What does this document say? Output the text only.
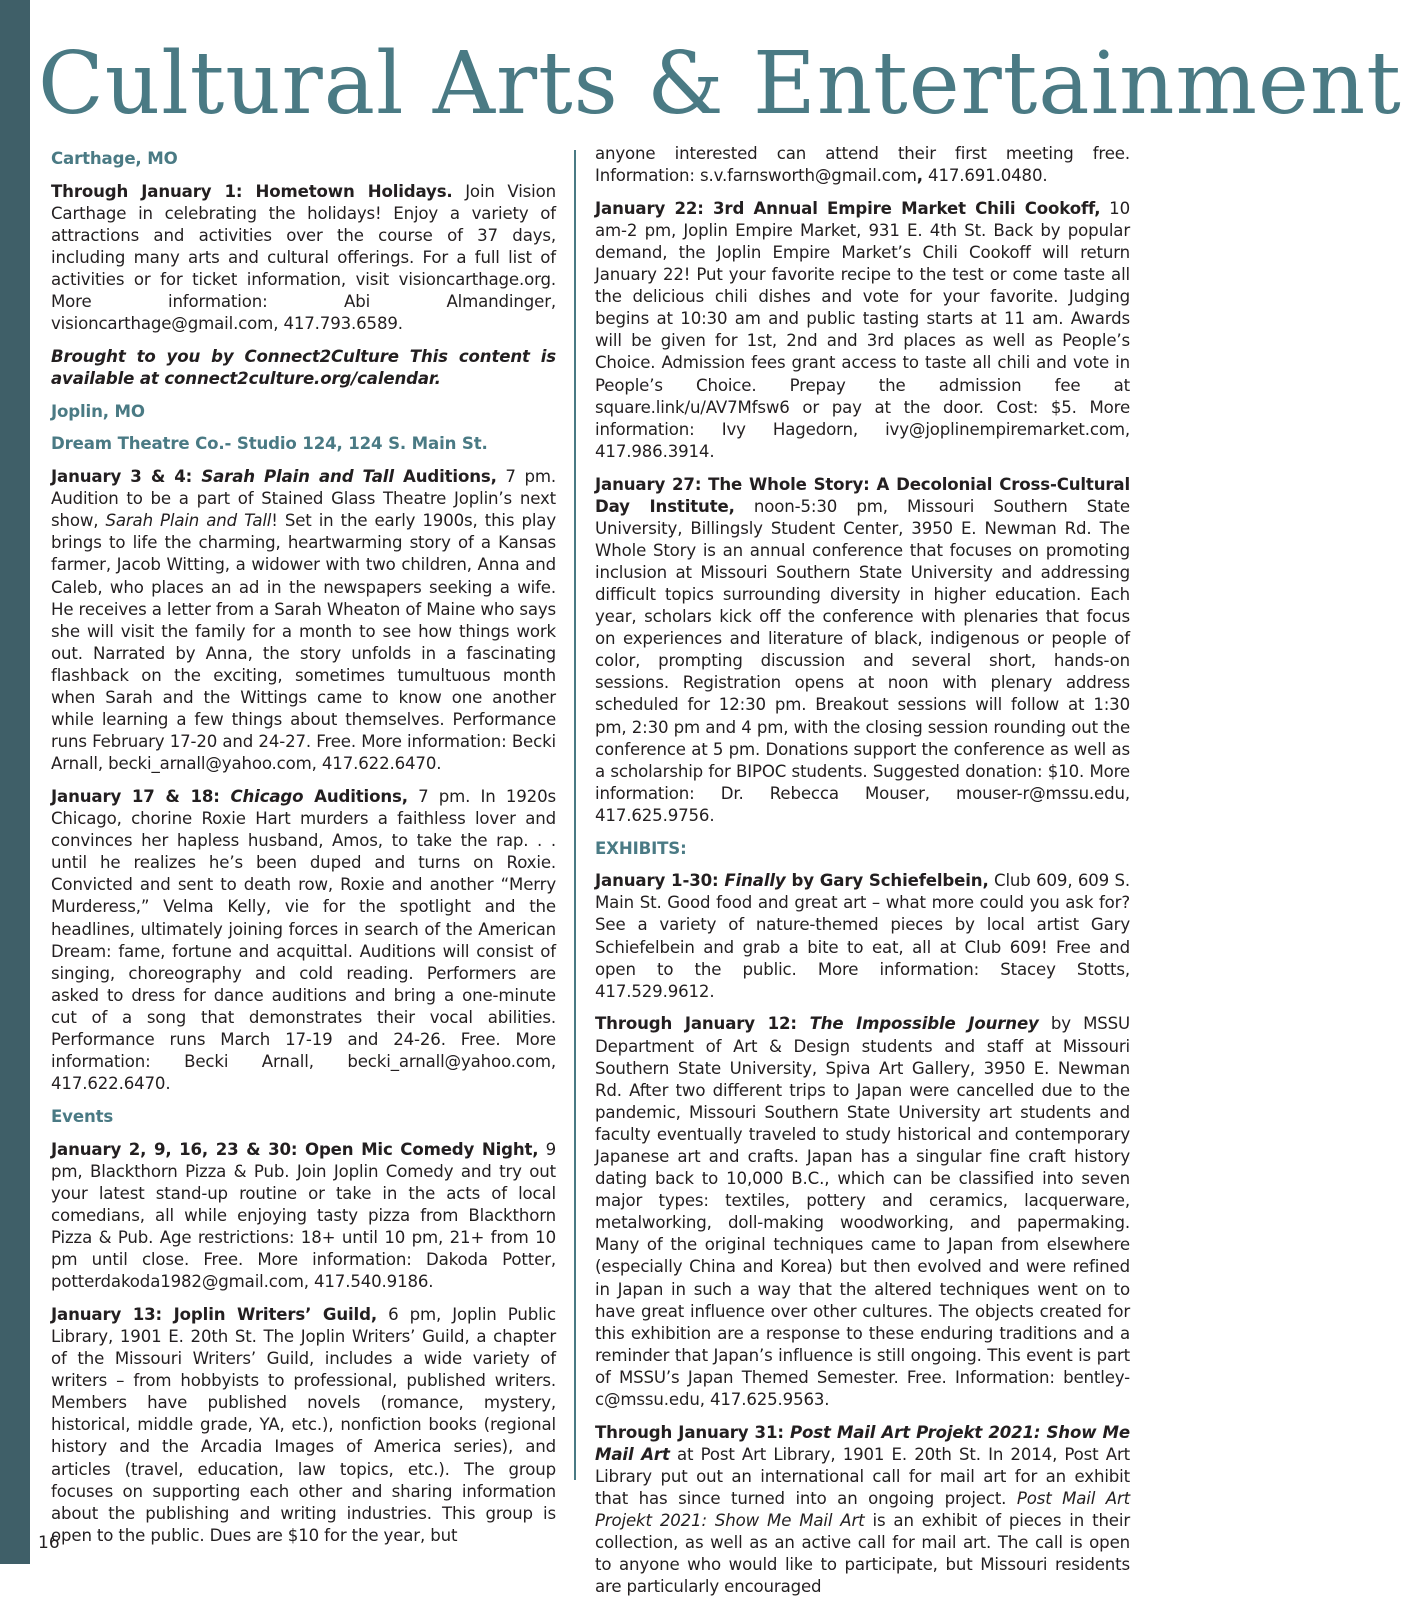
Cultural Arts & Entertainment

Carthage, MO

Through January 1: Hometown Holidays. Join Vision Carthage in celebrating the holidays! Enjoy a variety of attractions and activities over the course of 37 days, including many arts and cultural offerings. For a full list of activities or for ticket information, visit visioncarthage.org. More information: Abi Almandinger, visioncarthage@gmail.com, 417.793.6589.

Brought to you by Connect2Culture This content is available at connect2culture.org/calendar.

Joplin, MO

Dream Theatre Co.- Studio 124, 124 S. Main St.

January 3 & 4: Sarah Plain and Tall Auditions, 7 pm. Audition to be a part of Stained Glass Theatre Joplin’s next show, Sarah Plain and Tall! Set in the early 1900s, this play brings to life the charming, heartwarming story of a Kansas farmer, Jacob Witting, a widower with two children, Anna and Caleb, who places an ad in the newspapers seeking a wife. He receives a letter from a Sarah Wheaton of Maine who says she will visit the family for a month to see how things work out. Narrated by Anna, the story unfolds in a fascinating flashback on the exciting, sometimes tumultuous month when Sarah and the Wittings came to know one another while learning a few things about themselves. Performance runs February 17-20 and 24-27. Free. More information: Becki Arnall, becki_arnall@yahoo.com, 417.622.6470.

January 17 & 18: Chicago Auditions, 7 pm. In 1920s Chicago, chorine Roxie Hart murders a faithless lover and convinces her hapless husband, Amos, to take the rap. . . until he realizes he’s been duped and turns on Roxie. Convicted and sent to death row, Roxie and another “Merry Murderess,” Velma Kelly, vie for the spotlight and the headlines, ultimately joining forces in search of the American Dream: fame, fortune and acquittal. Auditions will consist of singing, choreography and cold reading. Performers are asked to dress for dance auditions and bring a one-minute cut of a song that demonstrates their vocal abilities. Performance runs March 17-19 and 24-26. Free. More information: Becki Arnall, becki_arnall@yahoo.com, 417.622.6470.

Events

January 2, 9, 16, 23 & 30: Open Mic Comedy Night, 9 pm, Blackthorn Pizza & Pub. Join Joplin Comedy and try out your latest stand-up routine or take in the acts of local comedians, all while enjoying tasty pizza from Blackthorn Pizza & Pub. Age restrictions: 18+ until 10 pm, 21+ from 10 pm until close. Free. More information: Dakoda Potter, potterdakoda1982@gmail.com, 417.540.9186.

January 13: Joplin Writers’ Guild, 6 pm, Joplin Public Library, 1901 E. 20th St. The Joplin Writers’ Guild, a chapter of the Missouri Writers’ Guild, includes a wide variety of writers – from hobbyists to professional, published writers. Members have published novels (romance, mystery, historical, middle grade, YA, etc.), nonfiction books (regional history and the Arcadia Images of America series), and articles (travel, education, law topics, etc.). The group focuses on supporting each other and sharing information about the publishing and writing industries. This group is open to the public. Dues are $10 for the year, but

anyone interested can attend their first meeting free. Information: s.v.farnsworth@gmail.com, 417.691.0480.

January 22: 3rd Annual Empire Market Chili Cookoff, 10 am-2 pm, Joplin Empire Market, 931 E. 4th St. Back by popular demand, the Joplin Empire Market’s Chili Cookoff will return January 22! Put your favorite recipe to the test or come taste all the delicious chili dishes and vote for your favorite. Judging begins at 10:30 am and public tasting starts at 11 am. Awards will be given for 1st, 2nd and 3rd places as well as People’s Choice. Admission fees grant access to taste all chili and vote in People’s Choice. Prepay the admission fee at square.link/u/AV7Mfsw6 or pay at the door. Cost: $5. More information: Ivy Hagedorn, ivy@joplinempiremarket.com, 417.986.3914.

January 27: The Whole Story: A Decolonial Cross-Cultural Day Institute, noon-5:30 pm, Missouri Southern State University, Billingsly Student Center, 3950 E. Newman Rd. The Whole Story is an annual conference that focuses on promoting inclusion at Missouri Southern State University and addressing difficult topics surrounding diversity in higher education. Each year, scholars kick off the conference with plenaries that focus on experiences and literature of black, indigenous or people of color, prompting discussion and several short, hands-on sessions. Registration opens at noon with plenary address scheduled for 12:30 pm. Breakout sessions will follow at 1:30 pm, 2:30 pm and 4 pm, with the closing session rounding out the conference at 5 pm. Donations support the conference as well as a scholarship for BIPOC students. Suggested donation: $10. More information: Dr. Rebecca Mouser, mouser-r@mssu.edu, 417.625.9756.

EXHIBITS:

January 1-30: Finally by Gary Schiefelbein, Club 609, 609 S. Main St. Good food and great art – what more could you ask for? See a variety of nature-themed pieces by local artist Gary Schiefelbein and grab a bite to eat, all at Club 609! Free and open to the public. More information: Stacey Stotts, 417.529.9612.

Through January 12: The Impossible Journey by MSSU Department of Art & Design students and staff at Missouri Southern State University, Spiva Art Gallery, 3950 E. Newman Rd. After two different trips to Japan were cancelled due to the pandemic, Missouri Southern State University art students and faculty eventually traveled to study historical and contemporary Japanese art and crafts. Japan has a singular fine craft history dating back to 10,000 B.C., which can be classified into seven major types: textiles, pottery and ceramics, lacquerware, metalworking, doll-making woodworking, and papermaking. Many of the original techniques came to Japan from elsewhere (especially China and Korea) but then evolved and were refined in Japan in such a way that the altered techniques went on to have great influence over other cultures. The objects created for this exhibition are a response to these enduring traditions and a reminder that Japan’s influence is still ongoing. This event is part of MSSU’s Japan Themed Semester. Free. Information: bentley-c@mssu.edu, 417.625.9563.

Through January 31: Post Mail Art Projekt 2021: Show Me Mail Art at Post Art Library, 1901 E. 20th St. In 2014, Post Art Library put out an international call for mail art for an exhibit that has since turned into an ongoing project. Post Mail Art Projekt 2021: Show Me Mail Art is an exhibit of pieces in their collection, as well as an active call for mail art. The call is open to anyone who would like to participate, but Missouri residents are particularly encouraged

16
